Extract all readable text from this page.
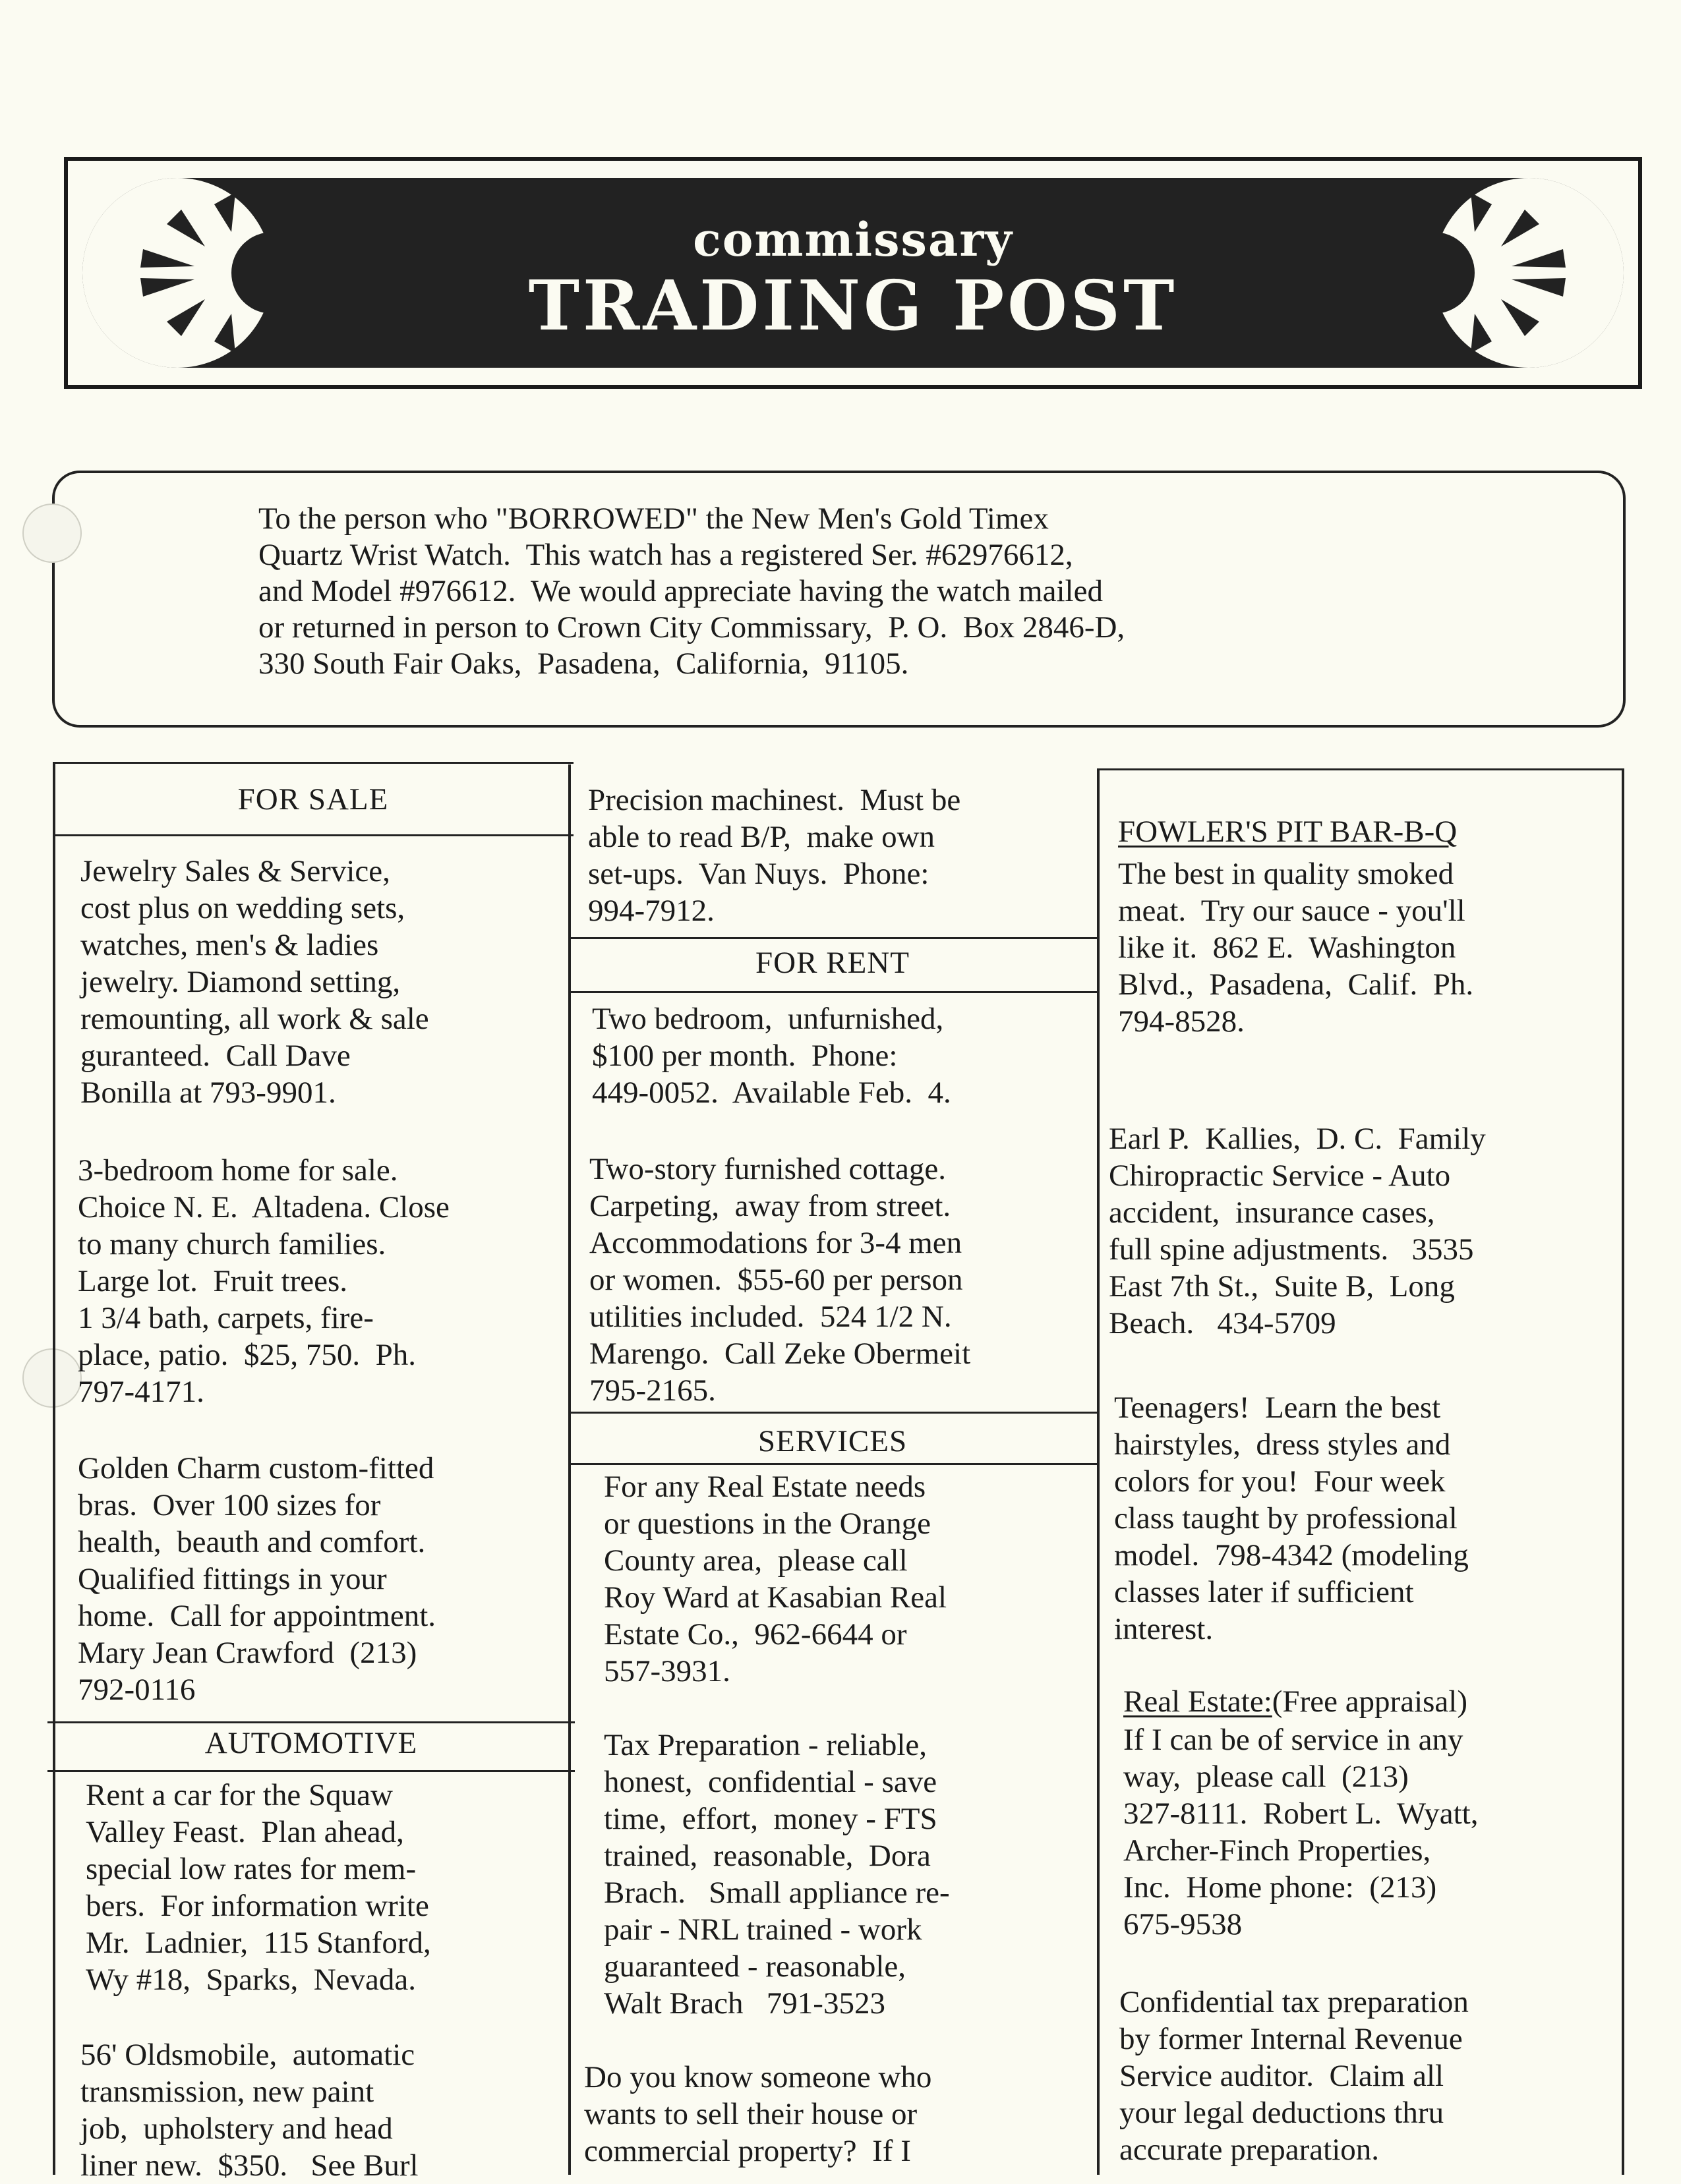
commissary
TRADING POST
To the person who "BORROWED" the New Men's Gold Timex
Quartz Wrist Watch.  This watch has a registered Ser. #62976612,
and Model #976612.  We would appreciate having the watch mailed
or returned in person to Crown City Commissary,  P. O.  Box 2846-D,
330 South Fair Oaks,  Pasadena,  California,  91105.
FOR SALE
Jewelry Sales & Service,
cost plus on wedding sets,
watches, men's & ladies
jewelry. Diamond setting,
remounting, all work & sale
guranteed.  Call Dave
Bonilla at 793-9901.
3-bedroom home for sale.
Choice N. E.  Altadena. Close
to many church families.
Large lot.  Fruit trees.
1 3/4 bath, carpets, fire-
place, patio.  $25, 750.  Ph.
797-4171.
Golden Charm custom-fitted
bras.  Over 100 sizes for
health,  beauth and comfort.
Qualified fittings in your
home.  Call for appointment.
Mary Jean Crawford  (213)
792-0116
AUTOMOTIVE
Rent a car for the Squaw
Valley Feast.  Plan ahead,
special low rates for mem-
bers.  For information write
Mr.  Ladnier,  115 Stanford,
Wy #18,  Sparks,  Nevada.
56' Oldsmobile,  automatic
transmission, new paint
job,  upholstery and head
liner new.  $350.   See Burl
Precision machinest.  Must be
able to read B/P,  make own
set-ups.  Van Nuys.  Phone:
994-7912.
FOR RENT
Two bedroom,  unfurnished,
$100 per month.  Phone:
449-0052.  Available Feb.  4.
Two-story furnished cottage.
Carpeting,  away from street.
Accommodations for 3-4 men
or women.  $55-60 per person
utilities included.  524 1/2 N.
Marengo.  Call Zeke Obermeit
795-2165.
SERVICES
For any Real Estate needs
or questions in the Orange
County area,  please call
Roy Ward at Kasabian Real
Estate Co.,  962-6644 or
557-3931.
Tax Preparation - reliable,
honest,  confidential - save
time,  effort,  money - FTS
trained,  reasonable,  Dora
Brach.   Small appliance re-
pair - NRL trained - work
guaranteed - reasonable,
Walt Brach   791-3523
Do you know someone who
wants to sell their house or
commercial property?  If I
FOWLER'S PIT BAR-B-Q
The best in quality smoked
meat.  Try our sauce - you'll
like it.  862 E.  Washington
Blvd.,  Pasadena,  Calif.  Ph.
794-8528.
Earl P.  Kallies,  D. C.  Family
Chiropractic Service - Auto
accident,  insurance cases,
full spine adjustments.   3535
East 7th St.,  Suite B,  Long
Beach.   434-5709
Teenagers!  Learn the best
hairstyles,  dress styles and
colors for you!  Four week
class taught by professional
model.  798-4342 (modeling
classes later if sufficient
interest.
Real Estate:(Free appraisal)
If I can be of service in any
way,  please call  (213)
327-8111.  Robert L.  Wyatt,
Archer-Finch Properties,
Inc.  Home phone:  (213)
675-9538
Confidential tax preparation
by former Internal Revenue
Service auditor.  Claim all
your legal deductions thru
accurate preparation.
